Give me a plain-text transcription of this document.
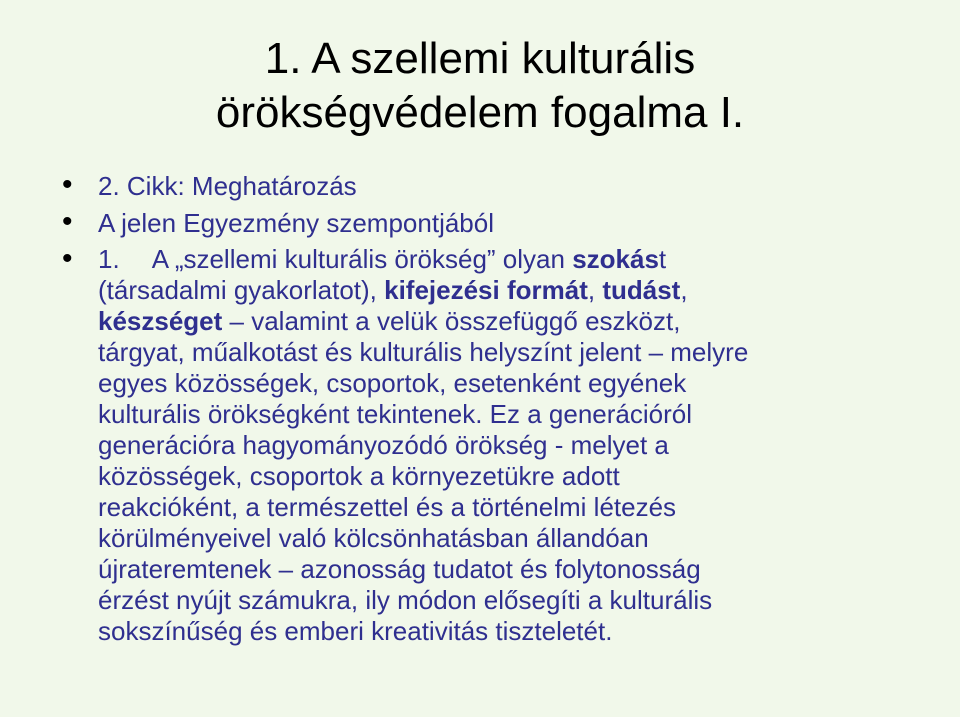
1. A szellemi kulturális
örökségvédelem fogalma I.
• 2. Cikk: Meghatározás
• A jelen Egyezmény szempontjából
• 1. A „szellemi kulturális örökség” olyan szokást
(társadalmi gyakorlatot), kifejezési formát, tudást,
készséget – valamint a velük összefüggő eszközt,
tárgyat, műalkotást és kulturális helyszínt jelent – melyre
egyes közösségek, csoportok, esetenként egyének
kulturális örökségként tekintenek. Ez a generációról
generációra hagyományozódó örökség - melyet a
közösségek, csoportok a környezetükre adott
reakcióként, a természettel és a történelmi létezés
körülményeivel való kölcsönhatásban állandóan
újrateremtenek – azonosság tudatot és folytonosság
érzést nyújt számukra, ily módon elősegíti a kulturális
sokszínűség és emberi kreativitás tiszteletét.
